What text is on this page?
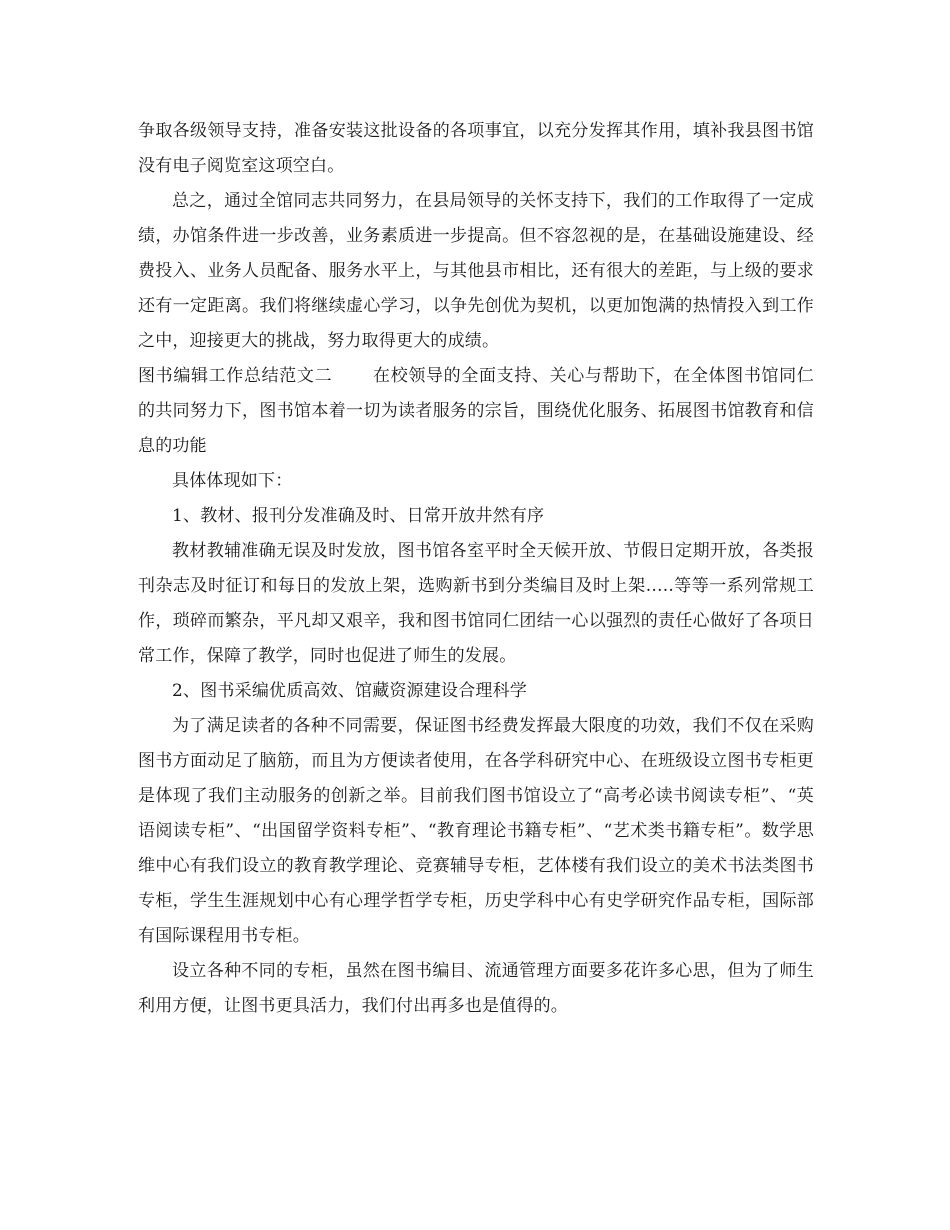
争取各级领导支持，准备安装这批设备的各项事宜，以充分发挥其作用，填补我县图书馆没有电子阅览室这项空白。

总之，通过全馆同志共同努力，在县局领导的关怀支持下，我们的工作取得了一定成绩，办馆条件进一步改善，业务素质进一步提高。但不容忽视的是，在基础设施建设、经费投入、业务人员配备、服务水平上，与其他县市相比，还有很大的差距，与上级的要求还有一定距离。我们将继续虚心学习，以争先创优为契机，以更加饱满的热情投入到工作之中，迎接更大的挑战，努力取得更大的成绩。

图书编辑工作总结范文二 在校领导的全面支持、关心与帮助下，在全体图书馆同仁的共同努力下，图书馆本着一切为读者服务的宗旨，围绕优化服务、拓展图书馆教育和信息的功能

具体体现如下：

1、教材、报刊分发准确及时、日常开放井然有序

教材教辅准确无误及时发放，图书馆各室平时全天候开放、节假日定期开放，各类报刊杂志及时征订和每日的发放上架，选购新书到分类编目及时上架…..等等一系列常规工作，琐碎而繁杂，平凡却又艰辛，我和图书馆同仁团结一心以强烈的责任心做好了各项日常工作，保障了教学，同时也促进了师生的发展。

2、图书采编优质高效、馆藏资源建设合理科学

为了满足读者的各种不同需要，保证图书经费发挥最大限度的功效，我们不仅在采购图书方面动足了脑筋，而且为方便读者使用，在各学科研究中心、在班级设立图书专柜更是体现了我们主动服务的创新之举。目前我们图书馆设立了“高考必读书阅读专柜”、“英语阅读专柜”、“出国留学资料专柜”、“教育理论书籍专柜”、“艺术类书籍专柜”。数学思维中心有我们设立的教育教学理论、竞赛辅导专柜，艺体楼有我们设立的美术书法类图书专柜，学生生涯规划中心有心理学哲学专柜，历史学科中心有史学研究作品专柜，国际部有国际课程用书专柜。

设立各种不同的专柜，虽然在图书编目、流通管理方面要多花许多心思，但为了师生利用方便，让图书更具活力，我们付出再多也是值得的。
